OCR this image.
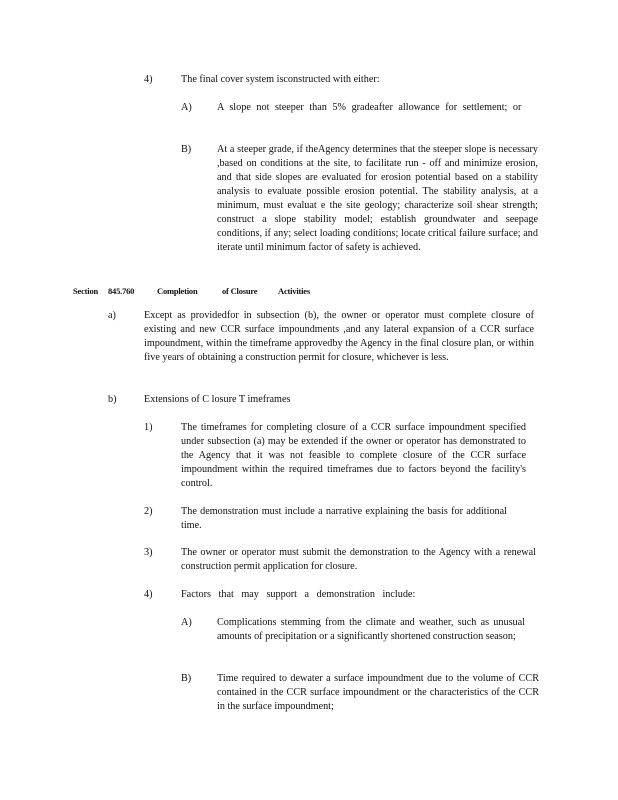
4)	The final cover system isconstructed with either:
A) A slope not steeper than 5% gradeafter allowance for settlement; or
B)	At a steeper grade, if theAgency determines that the steeper slope is necessary ,based on conditions at the site, to facilitate run - off and minimize erosion, and that side slopes are evaluated for erosion potential based on a stability analysis to evaluate possible erosion potential. The stability analysis, at a minimum, must evaluat e the site geology; characterize soil shear strength; construct a slope stability model; establish groundwater and seepage conditions, if any; select loading conditions; locate critical failure surface; and iterate until minimum factor of safety is achieved.
Section 845.760	Completion	of Closure Activities
a)	Except as providedfor in subsection (b), the owner or operator must complete closure of existing and new CCR surface impoundments ,and any lateral expansion of a CCR surface impoundment, within the timeframe approvedby the Agency in the final closure plan, or within five years of obtaining a construction permit for closure, whichever is less.
b)	Extensions of C losure T imeframes
1)	The timeframes for completing closure of a CCR surface impoundment specified under subsection (a) may be extended if the owner or operator has demonstrated to the Agency that it was not feasible to complete closure of the CCR surface impoundment within the required timeframes due to factors beyond the facility's control.
2)	The demonstration must include a narrative explaining the basis for additional time.
3)	The owner or operator must submit the demonstration to the Agency with a renewal construction permit application for closure.
4)	Factors that may support a demonstration include:
A) Complications stemming from the climate and weather, such as unusual amounts of precipitation or a significantly shortened construction season;
B)	Time required to dewater a surface impoundment due to the volume of CCR contained in the CCR surface impoundment or the characteristics of the CCR in the surface impoundment;
